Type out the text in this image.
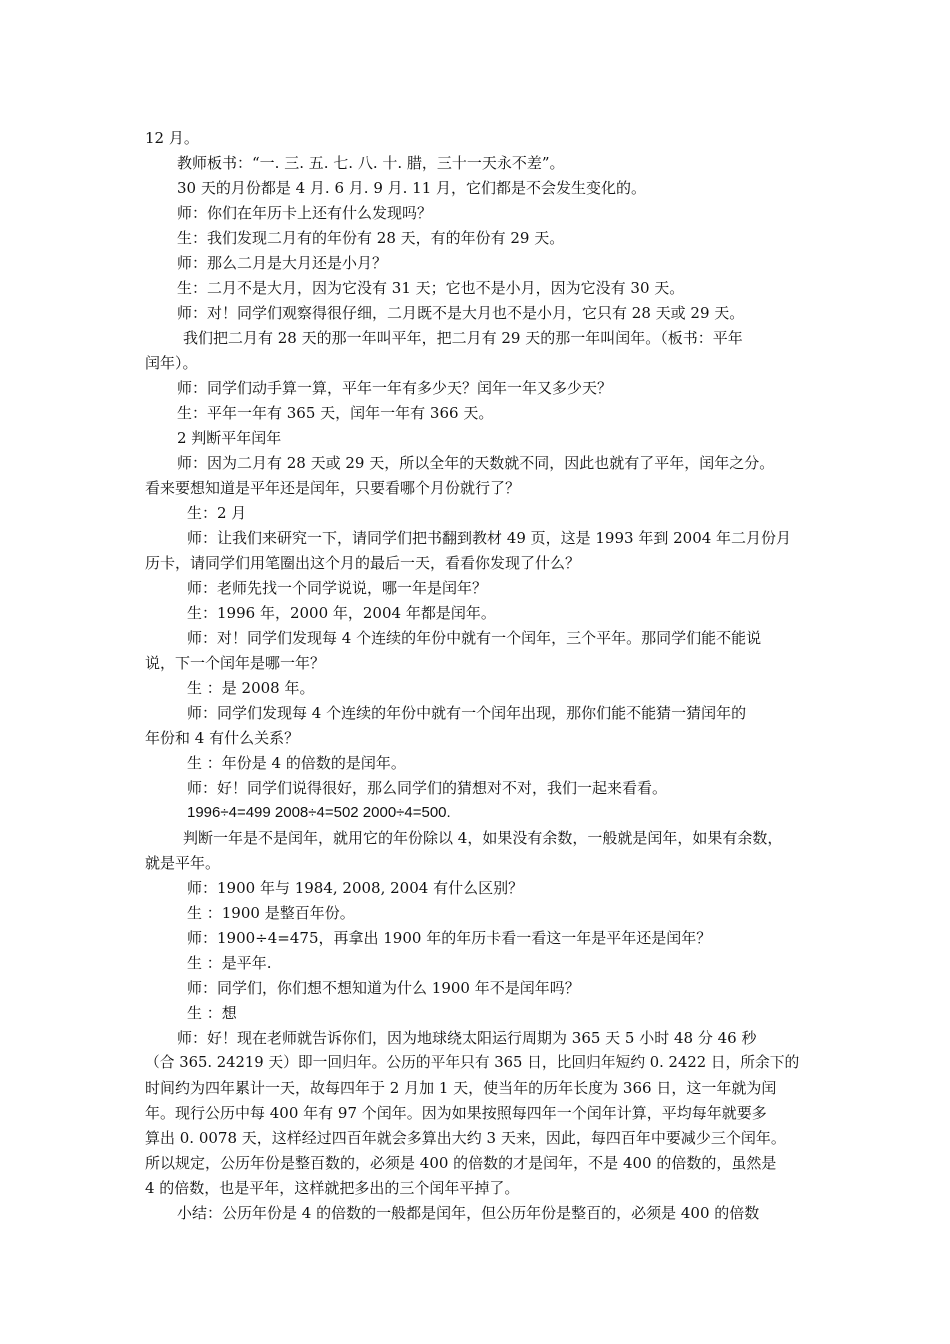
12 月。
教师板书：“一. 三. 五. 七. 八. 十. 腊，三十一天永不差”。
30 天的月份都是 4 月. 6 月. 9 月. 11 月，它们都是不会发生变化的。
师：你们在年历卡上还有什么发现吗？
生：我们发现二月有的年份有 28 天，有的年份有 29 天。
师：那么二月是大月还是小月？
生：二月不是大月，因为它没有 31 天；它也不是小月，因为它没有 30 天。
师：对！同学们观察得很仔细，二月既不是大月也不是小月，它只有 28 天或 29 天。
我们把二月有 28 天的那一年叫平年，把二月有 29 天的那一年叫闰年。（板书：平年
闰年）。
师：同学们动手算一算，平年一年有多少天？闰年一年又多少天？
生：平年一年有 365 天，闰年一年有 366 天。
2 判断平年闰年
师：因为二月有 28 天或 29 天，所以全年的天数就不同，因此也就有了平年，闰年之分。
看来要想知道是平年还是闰年，只要看哪个月份就行了？
生：2 月
师：让我们来研究一下，请同学们把书翻到教材 49 页，这是 1993 年到 2004 年二月份月
历卡，请同学们用笔圈出这个月的最后一天，看看你发现了什么？
师：老师先找一个同学说说，哪一年是闰年？
生：1996 年，2000 年，2004 年都是闰年。
师：对！同学们发现每 4 个连续的年份中就有一个闰年，三个平年。那同学们能不能说
说，下一个闰年是哪一年？
生 ：是 2008 年。
师：同学们发现每 4 个连续的年份中就有一个闰年出现，那你们能不能猜一猜闰年的
年份和 4 有什么关系？
生 ：年份是 4 的倍数的是闰年。
师：好！同学们说得很好，那么同学们的猜想对不对，我们一起来看看。
1996÷4=499 2008÷4=502 2000÷4=500.
判断一年是不是闰年，就用它的年份除以 4，如果没有余数，一般就是闰年，如果有余数，
就是平年。
师：1900 年与 1984, 2008, 2004 有什么区别？
生 ：1900 是整百年份。
师：1900÷4=475，再拿出 1900 年的年历卡看一看这一年是平年还是闰年？
生 ：是平年.
师：同学们，你们想不想知道为什么 1900 年不是闰年吗？
生 ：想
师：好！现在老师就告诉你们，因为地球绕太阳运行周期为 365 天 5 小时 48 分 46 秒
（合 365. 24219 天）即一回归年。公历的平年只有 365 日，比回归年短约 0. 2422 日，所余下的
时间约为四年累计一天，故每四年于 2 月加 1 天，使当年的历年长度为 366 日，这一年就为闰
年。现行公历中每 400 年有 97 个闰年。因为如果按照每四年一个闰年计算，平均每年就要多
算出 0. 0078 天，这样经过四百年就会多算出大约 3 天来，因此，每四百年中要减少三个闰年。
所以规定，公历年份是整百数的，必须是 400 的倍数的才是闰年，不是 400 的倍数的，虽然是
4 的倍数，也是平年，这样就把多出的三个闰年平掉了。
小结：公历年份是 4 的倍数的一般都是闰年，但公历年份是整百的，必须是 400 的倍数
